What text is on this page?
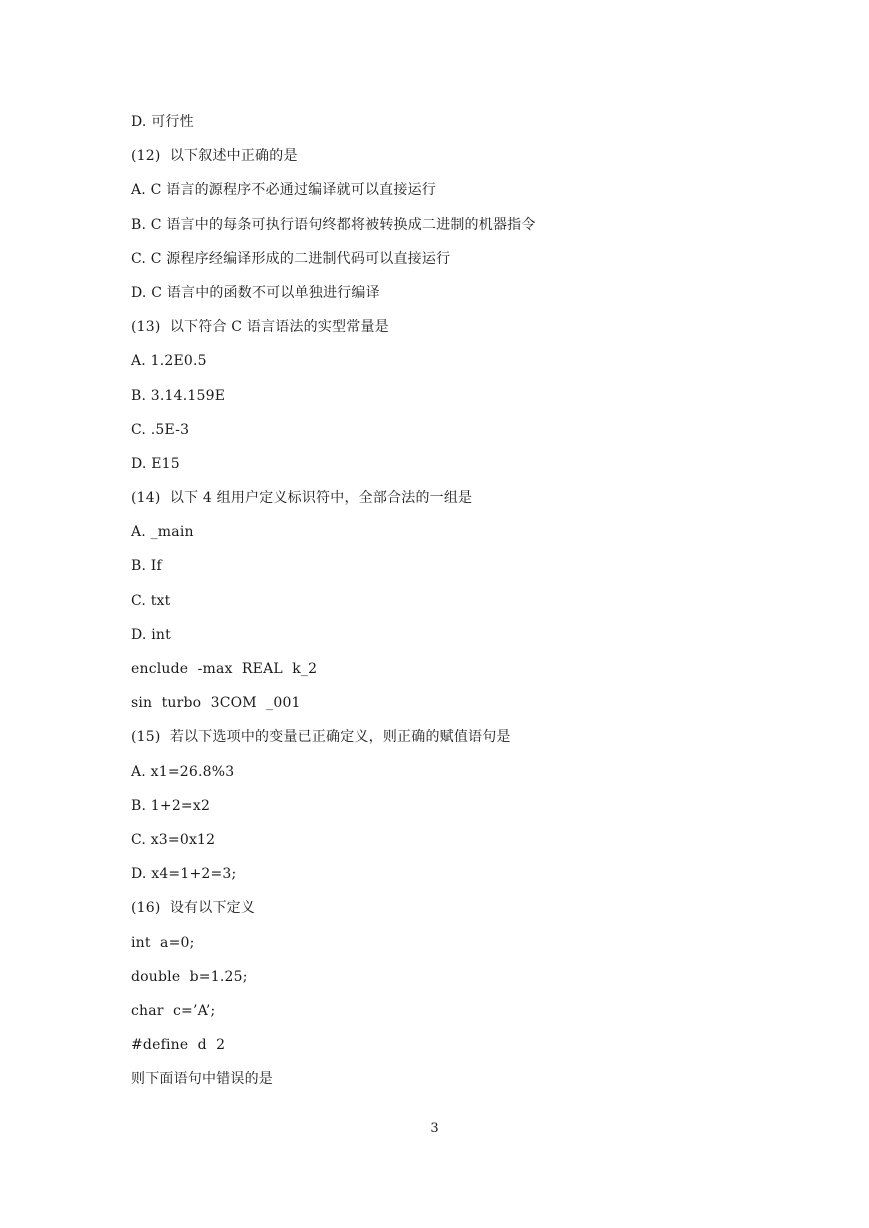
D. 可行性
(12)  以下叙述中正确的是
A. C 语言的源程序不必通过编译就可以直接运行
B. C 语言中的每条可执行语句终都将被转换成二进制的机器指令
C. C 源程序经编译形成的二进制代码可以直接运行
D. C 语言中的函数不可以单独进行编译
(13)  以下符合 C 语言语法的实型常量是
A. 1.2E0.5
B. 3.14.159E
C. .5E-3
D. E15
(14)  以下 4 组用户定义标识符中，全部合法的一组是
A. _main
B. If
C. txt
D. int
enclude  -max  REAL  k_2
sin  turbo  3COM  _001
(15)  若以下选项中的变量已正确定义，则正确的赋值语句是
A. x1=26.8%3
B. 1+2=x2
C. x3=0x12
D. x4=1+2=3;
(16)  设有以下定义
int  a=0;
double  b=1.25;
char  c=’A’;
#define  d  2
则下面语句中错误的是
3
